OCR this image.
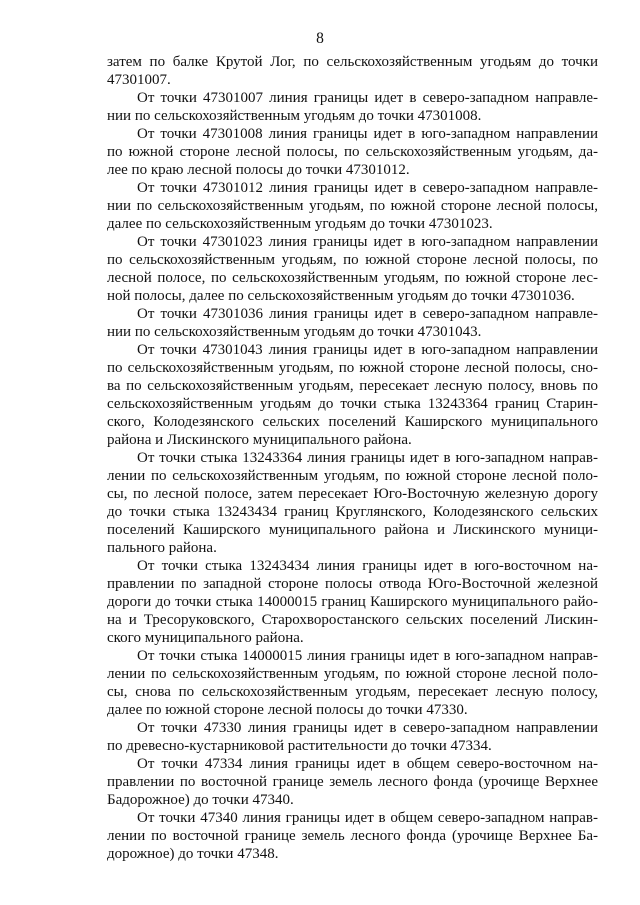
8
затем по балке Крутой Лог, по сельскохозяйственным угодьям до точки
47301007.
От точки 47301007 линия границы идет в северо-западном направле-
нии по сельскохозяйственным угодьям до точки 47301008.
От точки 47301008 линия границы идет в юго-западном направлении
по южной стороне лесной полосы, по сельскохозяйственным угодьям, да-
лее по краю лесной полосы до точки 47301012.
От точки 47301012 линия границы идет в северо-западном направле-
нии по сельскохозяйственным угодьям, по южной стороне лесной полосы,
далее по сельскохозяйственным угодьям до точки 47301023.
От точки 47301023 линия границы идет в юго-западном направлении
по сельскохозяйственным угодьям, по южной стороне лесной полосы, по
лесной полосе, по сельскохозяйственным угодьям, по южной стороне лес-
ной полосы, далее по сельскохозяйственным угодьям до точки 47301036.
От точки 47301036 линия границы идет в северо-западном направле-
нии по сельскохозяйственным угодьям до точки 47301043.
От точки 47301043 линия границы идет в юго-западном направлении
по сельскохозяйственным угодьям, по южной стороне лесной полосы, сно-
ва по сельскохозяйственным угодьям, пересекает лесную полосу, вновь по
сельскохозяйственным угодьям до точки стыка 13243364 границ Старин-
ского, Колодезянского сельских поселений Каширского муниципального
района и Лискинского муниципального района.
От точки стыка 13243364 линия границы идет в юго-западном направ-
лении по сельскохозяйственным угодьям, по южной стороне лесной поло-
сы, по лесной полосе, затем пересекает Юго-Восточную железную дорогу
до точки стыка 13243434 границ Круглянского, Колодезянского сельских
поселений Каширского муниципального района и Лискинского муници-
пального района.
От точки стыка 13243434 линия границы идет в юго-восточном на-
правлении по западной стороне полосы отвода Юго-Восточной железной
дороги до точки стыка 14000015 границ Каширского муниципального райо-
на и Тресоруковского, Старохворостанского сельских поселений Лискин-
ского муниципального района.
От точки стыка 14000015 линия границы идет в юго-западном направ-
лении по сельскохозяйственным угодьям, по южной стороне лесной поло-
сы, снова по сельскохозяйственным угодьям, пересекает лесную полосу,
далее по южной стороне лесной полосы до точки 47330.
От точки 47330 линия границы идет в северо-западном направлении
по древесно-кустарниковой растительности до точки 47334.
От точки 47334 линия границы идет в общем северо-восточном на-
правлении по восточной границе земель лесного фонда (урочище Верхнее
Бадорожное) до точки 47340.
От точки 47340 линия границы идет в общем северо-западном направ-
лении по восточной границе земель лесного фонда (урочище Верхнее Ба-
дорожное) до точки 47348.
